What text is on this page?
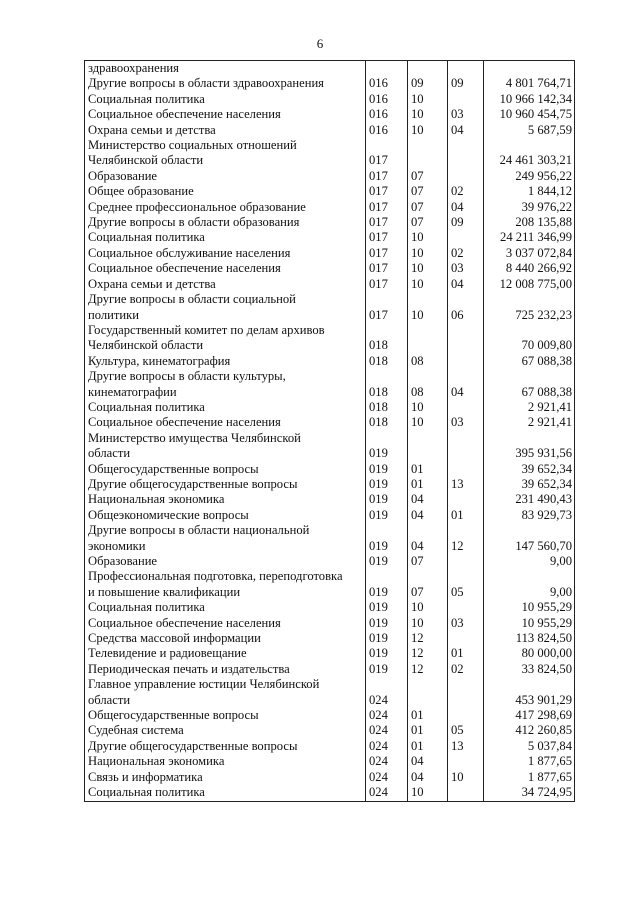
6
здравоохранения				

Другие вопросы в области здравоохранения	016	09	09	4 801 764,71

Социальная политика	016	10		10 966 142,34

Социальное обеспечение населения	016	10	03	10 960 454,75

Охрана семьи и детства	016	10	04	5 687,59

Министерство социальных отношений
Челябинской области	017			24 461 303,21

Образование	017	07		249 956,22

Общее образование	017	07	02	1 844,12

Среднее профессиональное образование	017	07	04	39 976,22

Другие вопросы в области образования	017	07	09	208 135,88

Социальная политика	017	10		24 211 346,99

Социальное обслуживание населения	017	10	02	3 037 072,84

Социальное обеспечение населения	017	10	03	8 440 266,92

Охрана семьи и детства	017	10	04	12 008 775,00

Другие вопросы в области социальной
политики	017	10	06	725 232,23

Государственный комитет по делам архивов
Челябинской области	018			70 009,80

Культура, кинематография	018	08		67 088,38

Другие вопросы в области культуры,
кинематографии	018	08	04	67 088,38

Социальная политика	018	10		2 921,41

Социальное обеспечение населения	018	10	03	2 921,41

Министерство имущества Челябинской
области	019			395 931,56

Общегосударственные вопросы	019	01		39 652,34

Другие общегосударственные вопросы	019	01	13	39 652,34

Национальная экономика	019	04		231 490,43

Общеэкономические вопросы	019	04	01	83 929,73

Другие вопросы в области национальной
экономики	019	04	12	147 560,70

Образование	019	07		9,00

Профессиональная подготовка, переподготовка
и повышение квалификации	019	07	05	9,00

Социальная политика	019	10		10 955,29

Социальное обеспечение населения	019	10	03	10 955,29

Средства массовой информации	019	12		113 824,50

Телевидение и радиовещание	019	12	01	80 000,00

Периодическая печать и издательства	019	12	02	33 824,50

Главное управление юстиции Челябинской
области	024			453 901,29

Общегосударственные вопросы	024	01		417 298,69

Судебная система	024	01	05	412 260,85

Другие общегосударственные вопросы	024	01	13	5 037,84

Национальная экономика	024	04		1 877,65

Связь и информатика	024	04	10	1 877,65

Социальная политика	024	10		34 724,95
